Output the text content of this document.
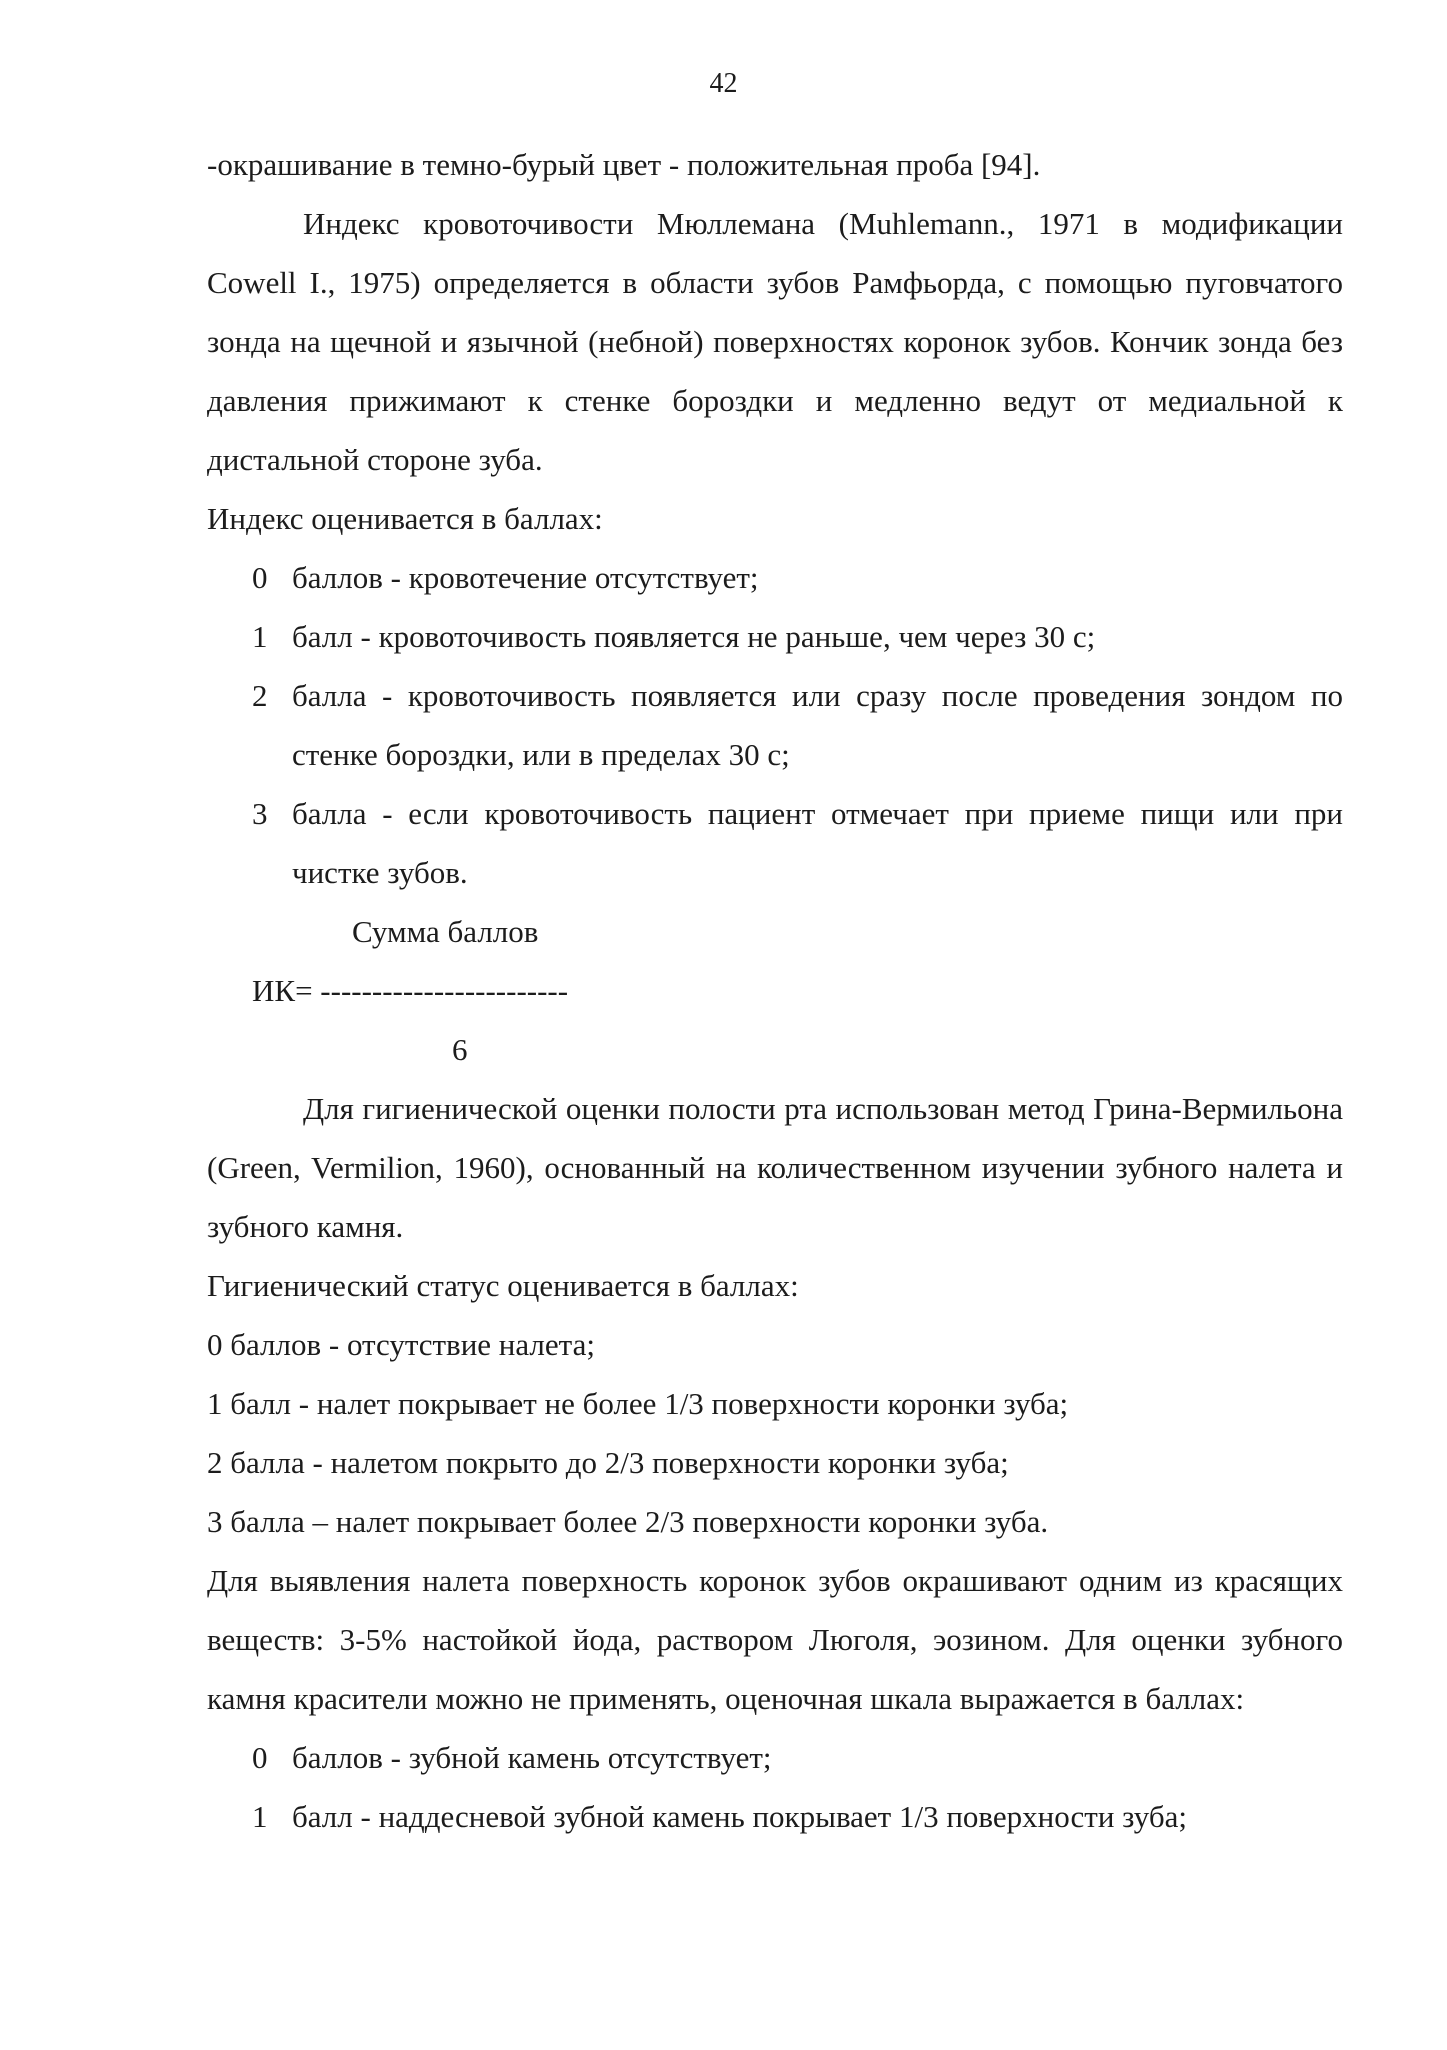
42

-окрашивание в темно-бурый цвет - положительная проба [94].

Индекс кровоточивости Мюллемана (Muhlemann., 1971 в модификации Cowell I., 1975) определяется в области зубов Рамфьорда, с помощью пуговчатого зонда на щечной и язычной (небной) поверхностях коронок зубов. Кончик зонда без давления прижимают к стенке бороздки и медленно ведут от медиальной к дистальной стороне зуба.

Индекс оценивается в баллах:

0 баллов - кровотечение отсутствует;
1 балл - кровоточивость появляется не раньше, чем через 30 с;
2 балла - кровоточивость появляется или сразу после проведения зондом по стенке бороздки, или в пределах 30 с;
3 балла - если кровоточивость пациент отмечает при приеме пищи или при чистке зубов.
Сумма баллов
ИК= ------------------------
6

Для гигиенической оценки полости рта использован метод Грина-Вермильона (Green, Vermilion, 1960), основанный на количественном изучении зубного налета и зубного камня.

Гигиенический статус оценивается в баллах:

0 баллов - отсутствие налета;

1 балл - налет покрывает не более 1/3 поверхности коронки зуба;

2 балла - налетом покрыто до 2/3 поверхности коронки зуба;

3 балла – налет покрывает более 2/3 поверхности коронки зуба.

Для выявления налета поверхность коронок зубов окрашивают одним из красящих веществ: 3-5% настойкой йода, раствором Люголя, эозином. Для оценки зубного камня красители можно не применять, оценочная шкала выражается в баллах:

0 баллов - зубной камень отсутствует;
1 балл - наддесневой зубной камень покрывает 1/3 поверхности зуба;
